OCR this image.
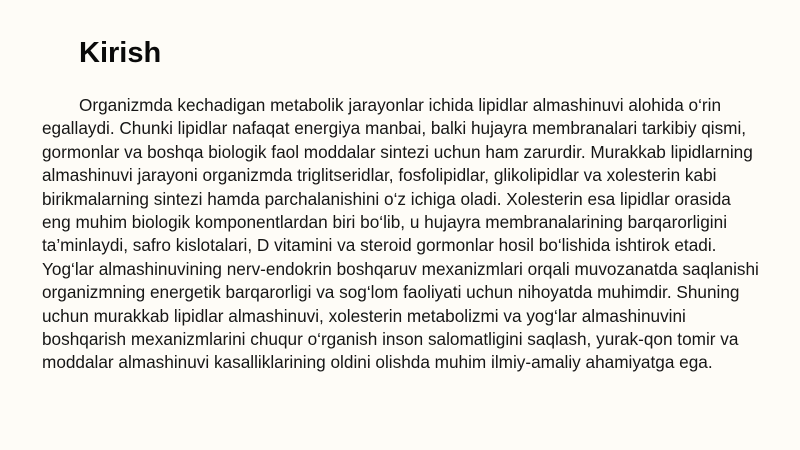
Kirish

Organizmda kechadigan metabolik jarayonlar ichida lipidlar almashinuvi alohida o‘rin egallaydi. Chunki lipidlar nafaqat energiya manbai, balki hujayra membranalari tarkibiy qismi, gormonlar va boshqa biologik faol moddalar sintezi uchun ham zarurdir. Murakkab lipidlarning almashinuvi jarayoni organizmda triglitseridlar, fosfolipidlar, glikolipidlar va xolesterin kabi birikmalarning sintezi hamda parchalanishini o‘z ichiga oladi. Xolesterin esa lipidlar orasida eng muhim biologik komponentlardan biri bo‘lib, u hujayra membranalarining barqarorligini ta’minlaydi, safro kislotalari, D vitamini va steroid gormonlar hosil bo‘lishida ishtirok etadi. Yog‘lar almashinuvining nerv-endokrin boshqaruv mexanizmlari orqali muvozanatda saqlanishi organizmning energetik barqarorligi va sog‘lom faoliyati uchun nihoyatda muhimdir. Shuning uchun murakkab lipidlar almashinuvi, xolesterin metabolizmi va yog‘lar almashinuvini boshqarish mexanizmlarini chuqur o‘rganish inson salomatligini saqlash, yurak-qon tomir va moddalar almashinuvi kasalliklarining oldini olishda muhim ilmiy-amaliy ahamiyatga ega.
